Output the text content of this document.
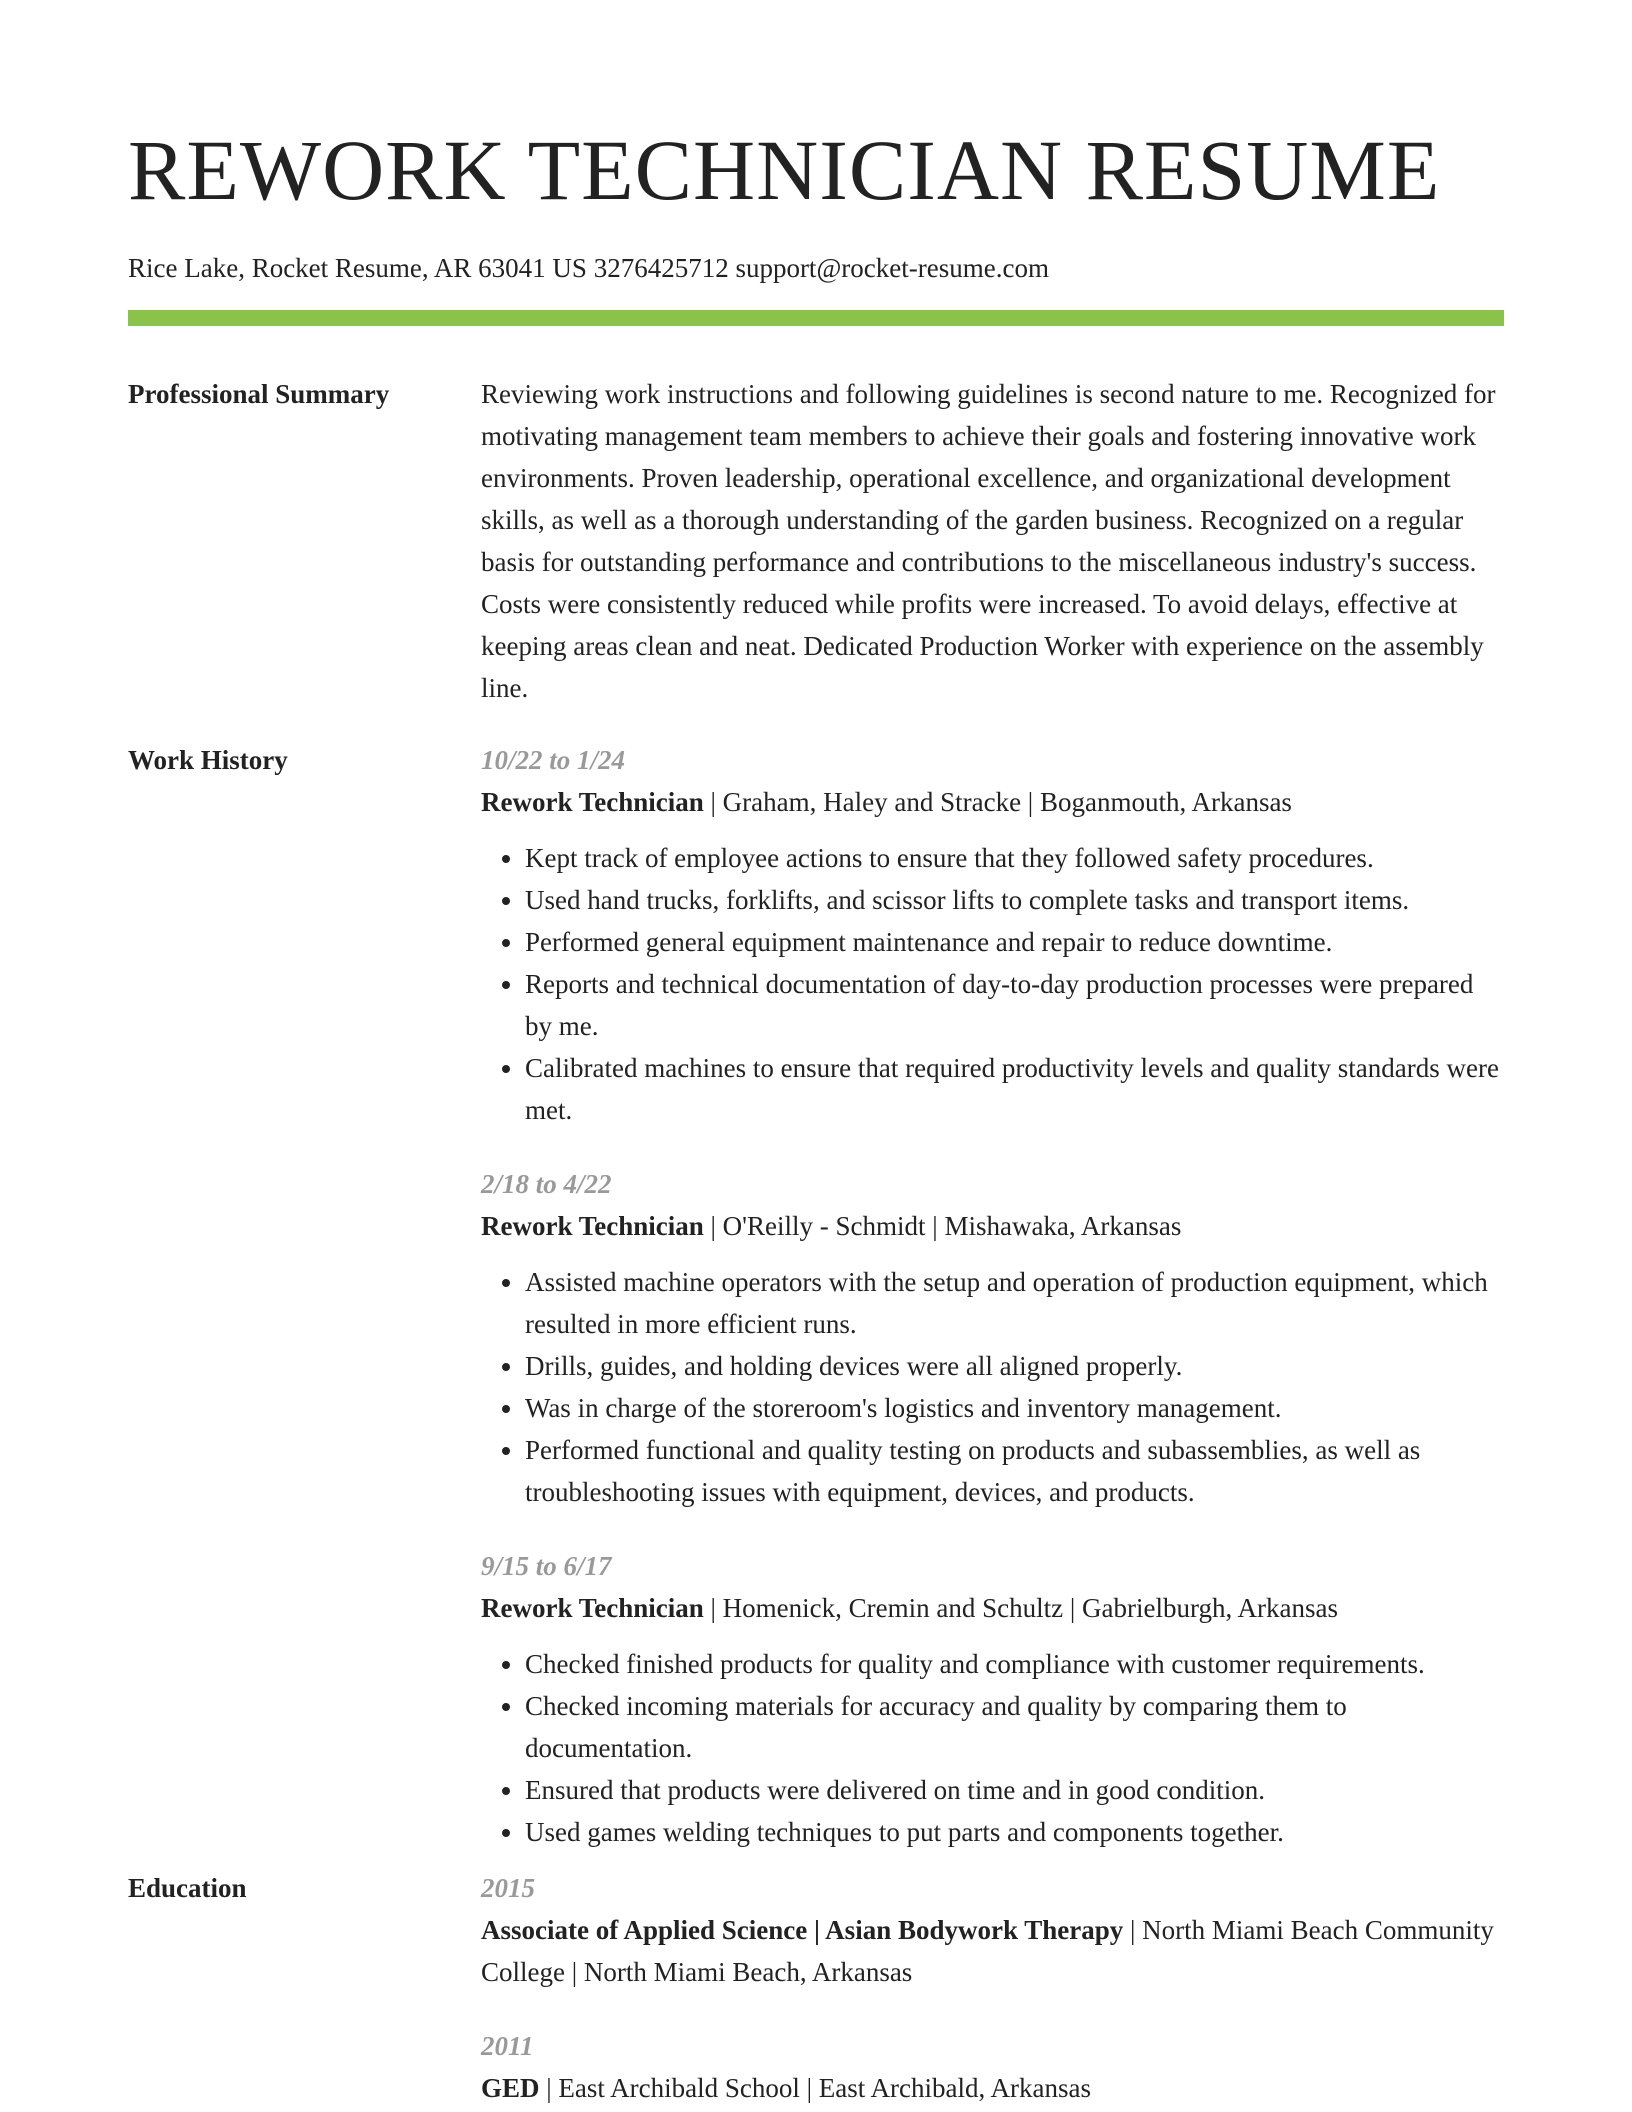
REWORK TECHNICIAN RESUME
Rice Lake, Rocket Resume, AR 63041 US 3276425712 support@rocket-resume.com
Professional Summary	Reviewing work instructions and following guidelines is second nature to me. Recognized for motivating management team members to achieve their goals and fostering innovative work environments. Proven leadership, operational excellence, and organizational development skills, as well as a thorough understanding of the garden business. Recognized on a regular basis for outstanding performance and contributions to the miscellaneous industry's success. Costs were consistently reduced while profits were increased. To avoid delays, effective at keeping areas clean and neat. Dedicated Production Worker with experience on the assembly line.

Work History	10/22 to 1/24

Rework Technician | Graham, Haley and Stracke | Boganmouth, Arkansas

• Kept track of employee actions to ensure that they followed safety procedures.
• Used hand trucks, forklifts, and scissor lifts to complete tasks and transport items.
• Performed general equipment maintenance and repair to reduce downtime.
• Reports and technical documentation of day-to-day production processes were prepared by me.
• Calibrated machines to ensure that required productivity levels and quality standards were met.
2/18 to 4/22

Rework Technician | O'Reilly - Schmidt | Mishawaka, Arkansas

• Assisted machine operators with the setup and operation of production equipment, which resulted in more efficient runs.
• Drills, guides, and holding devices were all aligned properly.
• Was in charge of the storeroom's logistics and inventory management.
• Performed functional and quality testing on products and subassemblies, as well as troubleshooting issues with equipment, devices, and products.
9/15 to 6/17

Rework Technician | Homenick, Cremin and Schultz | Gabrielburgh, Arkansas

• Checked finished products for quality and compliance with customer requirements.
• Checked incoming materials for accuracy and quality by comparing them to documentation.
• Ensured that products were delivered on time and in good condition.
• Used games welding techniques to put parts and components together.
Education	2015

Associate of Applied Science | Asian Bodywork Therapy | North Miami Beach Community College | North Miami Beach, Arkansas

2011

GED | East Archibald School | East Archibald, Arkansas
